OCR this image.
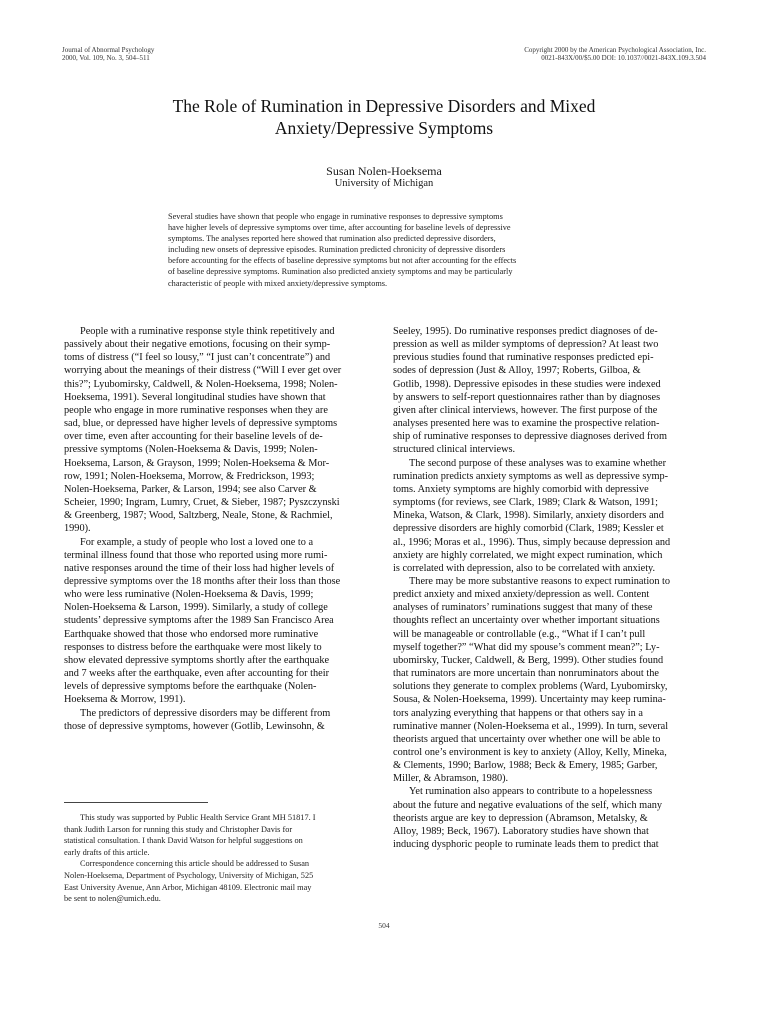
Journal of Abnormal Psychology
2000, Vol. 109, No. 3, 504–511
Copyright 2000 by the American Psychological Association, Inc.
0021-843X/00/$5.00 DOI: 10.1037//0021-843X.109.3.504
The Role of Rumination in Depressive Disorders and Mixed
Anxiety/Depressive Symptoms
Susan Nolen-Hoeksema
University of Michigan
Several studies have shown that people who engage in ruminative responses to depressive symptoms
have higher levels of depressive symptoms over time, after accounting for baseline levels of depressive
symptoms. The analyses reported here showed that rumination also predicted depressive disorders,
including new onsets of depressive episodes. Rumination predicted chronicity of depressive disorders
before accounting for the effects of baseline depressive symptoms but not after accounting for the effects
of baseline depressive symptoms. Rumination also predicted anxiety symptoms and may be particularly
characteristic of people with mixed anxiety/depressive symptoms.
People with a ruminative response style think repetitively and
passively about their negative emotions, focusing on their symp-
toms of distress (“I feel so lousy,” “I just can’t concentrate”) and
worrying about the meanings of their distress (“Will I ever get over
this?”; Lyubomirsky, Caldwell, & Nolen-Hoeksema, 1998; Nolen-
Hoeksema, 1991). Several longitudinal studies have shown that
people who engage in more ruminative responses when they are
sad, blue, or depressed have higher levels of depressive symptoms
over time, even after accounting for their baseline levels of de-
pressive symptoms (Nolen-Hoeksema & Davis, 1999; Nolen-
Hoeksema, Larson, & Grayson, 1999; Nolen-Hoeksema & Mor-
row, 1991; Nolen-Hoeksema, Morrow, & Fredrickson, 1993;
Nolen-Hoeksema, Parker, & Larson, 1994; see also Carver &
Scheier, 1990; Ingram, Lumry, Cruet, & Sieber, 1987; Pyszczynski
& Greenberg, 1987; Wood, Saltzberg, Neale, Stone, & Rachmiel,
1990).
For example, a study of people who lost a loved one to a
terminal illness found that those who reported using more rumi-
native responses around the time of their loss had higher levels of
depressive symptoms over the 18 months after their loss than those
who were less ruminative (Nolen-Hoeksema & Davis, 1999;
Nolen-Hoeksema & Larson, 1999). Similarly, a study of college
students’ depressive symptoms after the 1989 San Francisco Area
Earthquake showed that those who endorsed more ruminative
responses to distress before the earthquake were most likely to
show elevated depressive symptoms shortly after the earthquake
and 7 weeks after the earthquake, even after accounting for their
levels of depressive symptoms before the earthquake (Nolen-
Hoeksema & Morrow, 1991).
The predictors of depressive disorders may be different from
those of depressive symptoms, however (Gotlib, Lewinsohn, &
Seeley, 1995). Do ruminative responses predict diagnoses of de-
pression as well as milder symptoms of depression? At least two
previous studies found that ruminative responses predicted epi-
sodes of depression (Just & Alloy, 1997; Roberts, Gilboa, &
Gotlib, 1998). Depressive episodes in these studies were indexed
by answers to self-report questionnaires rather than by diagnoses
given after clinical interviews, however. The first purpose of the
analyses presented here was to examine the prospective relation-
ship of ruminative responses to depressive diagnoses derived from
structured clinical interviews.
The second purpose of these analyses was to examine whether
rumination predicts anxiety symptoms as well as depressive symp-
toms. Anxiety symptoms are highly comorbid with depressive
symptoms (for reviews, see Clark, 1989; Clark & Watson, 1991;
Mineka, Watson, & Clark, 1998). Similarly, anxiety disorders and
depressive disorders are highly comorbid (Clark, 1989; Kessler et
al., 1996; Moras et al., 1996). Thus, simply because depression and
anxiety are highly correlated, we might expect rumination, which
is correlated with depression, also to be correlated with anxiety.
There may be more substantive reasons to expect rumination to
predict anxiety and mixed anxiety/depression as well. Content
analyses of ruminators’ ruminations suggest that many of these
thoughts reflect an uncertainty over whether important situations
will be manageable or controllable (e.g., “What if I can’t pull
myself together?” “What did my spouse’s comment mean?”; Ly-
ubomirsky, Tucker, Caldwell, & Berg, 1999). Other studies found
that ruminators are more uncertain than nonruminators about the
solutions they generate to complex problems (Ward, Lyubomirsky,
Sousa, & Nolen-Hoeksema, 1999). Uncertainty may keep rumina-
tors analyzing everything that happens or that others say in a
ruminative manner (Nolen-Hoeksema et al., 1999). In turn, several
theorists argued that uncertainty over whether one will be able to
control one’s environment is key to anxiety (Alloy, Kelly, Mineka,
& Clements, 1990; Barlow, 1988; Beck & Emery, 1985; Garber,
Miller, & Abramson, 1980).
Yet rumination also appears to contribute to a hopelessness
about the future and negative evaluations of the self, which many
theorists argue are key to depression (Abramson, Metalsky, &
Alloy, 1989; Beck, 1967). Laboratory studies have shown that
inducing dysphoric people to ruminate leads them to predict that
This study was supported by Public Health Service Grant MH 51817. I
thank Judith Larson for running this study and Christopher Davis for
statistical consultation. I thank David Watson for helpful suggestions on
early drafts of this article.
Correspondence concerning this article should be addressed to Susan
Nolen-Hoeksema, Department of Psychology, University of Michigan, 525
East University Avenue, Ann Arbor, Michigan 48109. Electronic mail may
be sent to nolen@umich.edu.
504
